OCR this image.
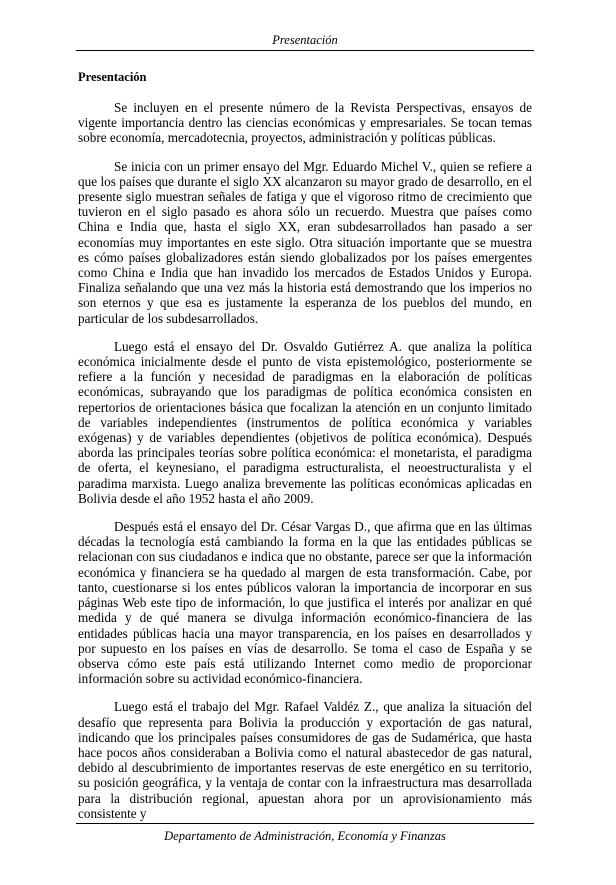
Presentación
Presentación

Se incluyen en el presente número de la Revista Perspectivas, ensayos de vigente importancia dentro las ciencias económicas y empresariales. Se tocan temas sobre economía, mercadotecnia, proyectos, administración y políticas públicas.

Se inicia con un primer ensayo del Mgr. Eduardo Michel V., quien se refiere a que los países que durante el siglo XX alcanzaron su mayor grado de desarrollo, en el presente siglo muestran señales de fatiga y que el vigoroso ritmo de crecimiento que tuvieron en el siglo pasado es ahora sólo un recuerdo. Muestra que países como China e India que, hasta el siglo XX, eran subdesarrollados han pasado a ser economías muy importantes en este siglo. Otra situación importante que se muestra es cómo países globalizadores están siendo globalizados por los países emergentes como China e India que han invadido los mercados de Estados Unidos y Europa. Finaliza señalando que una vez más la historia está demostrando que los imperios no son eternos y que esa es justamente la esperanza de los pueblos del mundo, en particular de los subdesarrollados.

Luego está el ensayo del Dr. Osvaldo Gutiérrez A. que analiza la política económica inicialmente desde el punto de vista epistemológico, posteriormente se refiere a la función y necesidad de paradigmas en la elaboración de políticas económicas, subrayando que los paradigmas de política económica consisten en repertorios de orientaciones básica que focalizan la atención en un conjunto limitado de variables independientes (instrumentos de política económica y variables exógenas) y de variables dependientes (objetivos de política económica). Después aborda las principales teorías sobre política económica: el monetarista, el paradigma de oferta, el keynesiano, el paradigma estructuralista, el neoestructuralista y el paradima marxista. Luego analiza brevemente las políticas económicas aplicadas en Bolivia desde el año 1952 hasta el año 2009.

Después está el ensayo del Dr. César Vargas D., que afirma que en las últimas décadas la tecnología está cambiando la forma en la que las entidades públicas se relacionan con sus ciudadanos e indica que no obstante, parece ser que la información económica y financiera se ha quedado al margen de esta transformación. Cabe, por tanto, cuestionarse si los entes públicos valoran la importancia de incorporar en sus páginas Web este tipo de información, lo que justifica el interés por analizar en qué medida y de qué manera se divulga información económico-financiera de las entidades públicas hacia una mayor transparencia, en los países en desarrollados y por supuesto en los países en vías de desarrollo. Se toma el caso de España y se observa cómo este país está utilizando Internet como medio de proporcionar información sobre su actividad económico-financiera.

Luego está el trabajo del Mgr. Rafael Valdéz Z., que analiza la situación del desafío que representa para Bolivia la producción y exportación de gas natural, indicando que los principales países consumidores de gas de Sudamérica, que hasta hace pocos años consideraban a Bolivia como el natural abastecedor de gas natural, debido al descubrimiento de importantes reservas de este energético en su territorio, su posición geográfica, y la ventaja de contar con la infraestructura mas desarrollada para la distribución regional, apuestan ahora por un aprovisionamiento más consistente y

Departamento de Administración, Economía y Finanzas
